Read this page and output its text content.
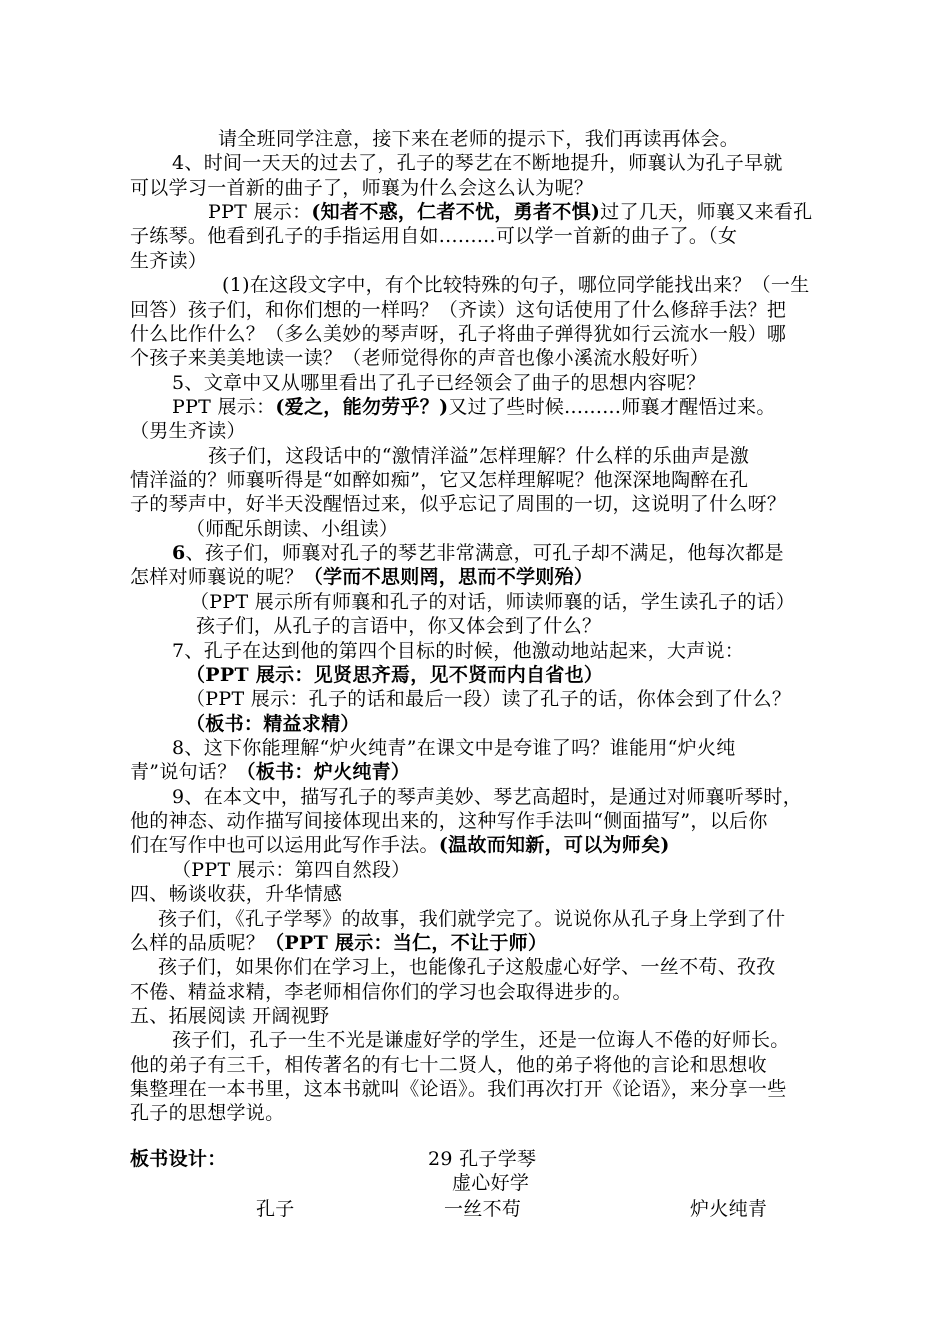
请全班同学注意，接下来在老师的提示下，我们再读再体会。
4、时间一天天的过去了，孔子的琴艺在不断地提升，师襄认为孔子早就
可以学习一首新的曲子了，师襄为什么会这么认为呢？
PPT 展示：(知者不惑，仁者不忧，勇者不惧)过了几天，师襄又来看孔
子练琴。他看到孔子的手指运用自如.........可以学一首新的曲子了。（女
生齐读）
(1)在这段文字中，有个比较特殊的句子，哪位同学能找出来？（一生
回答）孩子们，和你们想的一样吗？（齐读）这句话使用了什么修辞手法？把
什么比作什么？（多么美妙的琴声呀，孔子将曲子弹得犹如行云流水一般）哪
个孩子来美美地读一读？（老师觉得你的声音也像小溪流水般好听）
5、文章中又从哪里看出了孔子已经领会了曲子的思想内容呢？
PPT 展示：(爱之，能勿劳乎？)又过了些时候.........师襄才醒悟过来。
（男生齐读）
孩子们，这段话中的“激情洋溢”怎样理解？什么样的乐曲声是激
情洋溢的？师襄听得是“如醉如痴”，它又怎样理解呢？他深深地陶醉在孔
子的琴声中，好半天没醒悟过来，似乎忘记了周围的一切，这说明了什么呀？
（师配乐朗读、小组读）
6、孩子们，师襄对孔子的琴艺非常满意，可孔子却不满足，他每次都是
怎样对师襄说的呢？（学而不思则罔，思而不学则殆）
（PPT 展示所有师襄和孔子的对话，师读师襄的话，学生读孔子的话）
孩子们，从孔子的言语中，你又体会到了什么？
7、孔子在达到他的第四个目标的时候，他激动地站起来，大声说：
（PPT 展示：见贤思齐焉，见不贤而内自省也）
（PPT 展示：孔子的话和最后一段）读了孔子的话，你体会到了什么？
（板书：精益求精）
8、这下你能理解“炉火纯青”在课文中是夸谁了吗？谁能用“炉火纯
青”说句话？（板书：炉火纯青）
9、在本文中，描写孔子的琴声美妙、琴艺高超时，是通过对师襄听琴时，
他的神态、动作描写间接体现出来的，这种写作手法叫“侧面描写”，以后你
们在写作中也可以运用此写作手法。(温故而知新，可以为师矣)
（PPT 展示：第四自然段）
四、畅谈收获，升华情感
孩子们，《孔子学琴》的故事，我们就学完了。说说你从孔子身上学到了什
么样的品质呢？（PPT 展示：当仁，不让于师）
孩子们，如果你们在学习上，也能像孔子这般虚心好学、一丝不苟、孜孜
不倦、精益求精，李老师相信你们的学习也会取得进步的。
五、拓展阅读 开阔视野
孩子们，孔子一生不光是谦虚好学的学生，还是一位诲人不倦的好师长。
他的弟子有三千，相传著名的有七十二贤人，他的弟子将他的言论和思想收
集整理在一本书里，这本书就叫《论语》。我们再次打开《论语》，来分享一些
孔子的思想学说。
板书设计：	29 孔子学琴
虚心好学
孔子	一丝不苟	炉火纯青
